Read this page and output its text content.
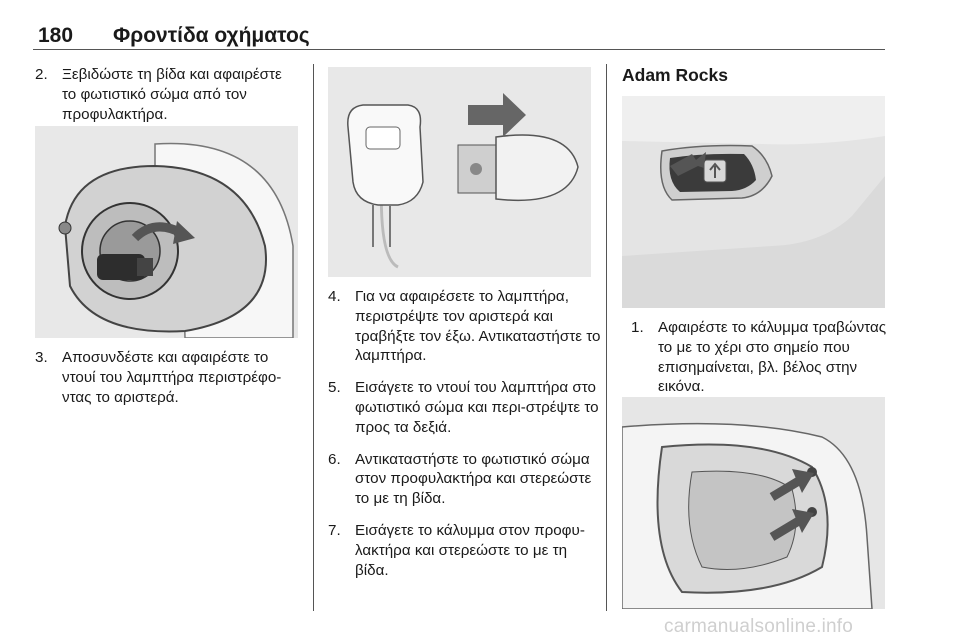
180 Φροντίδα οχήματος
2. Ξεβιδώστε τη βίδα και αφαιρέστε το φωτιστικό σώμα από τον προφυλακτήρα.
3. Αποσυνδέστε και αφαιρέστε το ντουί του λαμπτήρα περιστρέφο-ντας το αριστερά.
4. Για να αφαιρέσετε το λαμπτήρα, περιστρέψτε τον αριστερά και τραβήξτε τον έξω. Αντικαταστήστε το λαμπτήρα.
5. Εισάγετε το ντουί του λαμπτήρα στο φωτιστικό σώμα και περι-στρέψτε το προς τα δεξιά.
6. Αντικαταστήστε το φωτιστικό σώμα στον προφυλακτήρα και στερεώστε το με τη βίδα.
7. Εισάγετε το κάλυμμα στον προφυ-λακτήρα και στερεώστε το με τη βίδα.
Adam Rocks
1. Αφαιρέστε το κάλυμμα τραβώντας το με το χέρι στο σημείο που επισημαίνεται, βλ. βέλος στην εικόνα.
carmanualsonline.info
